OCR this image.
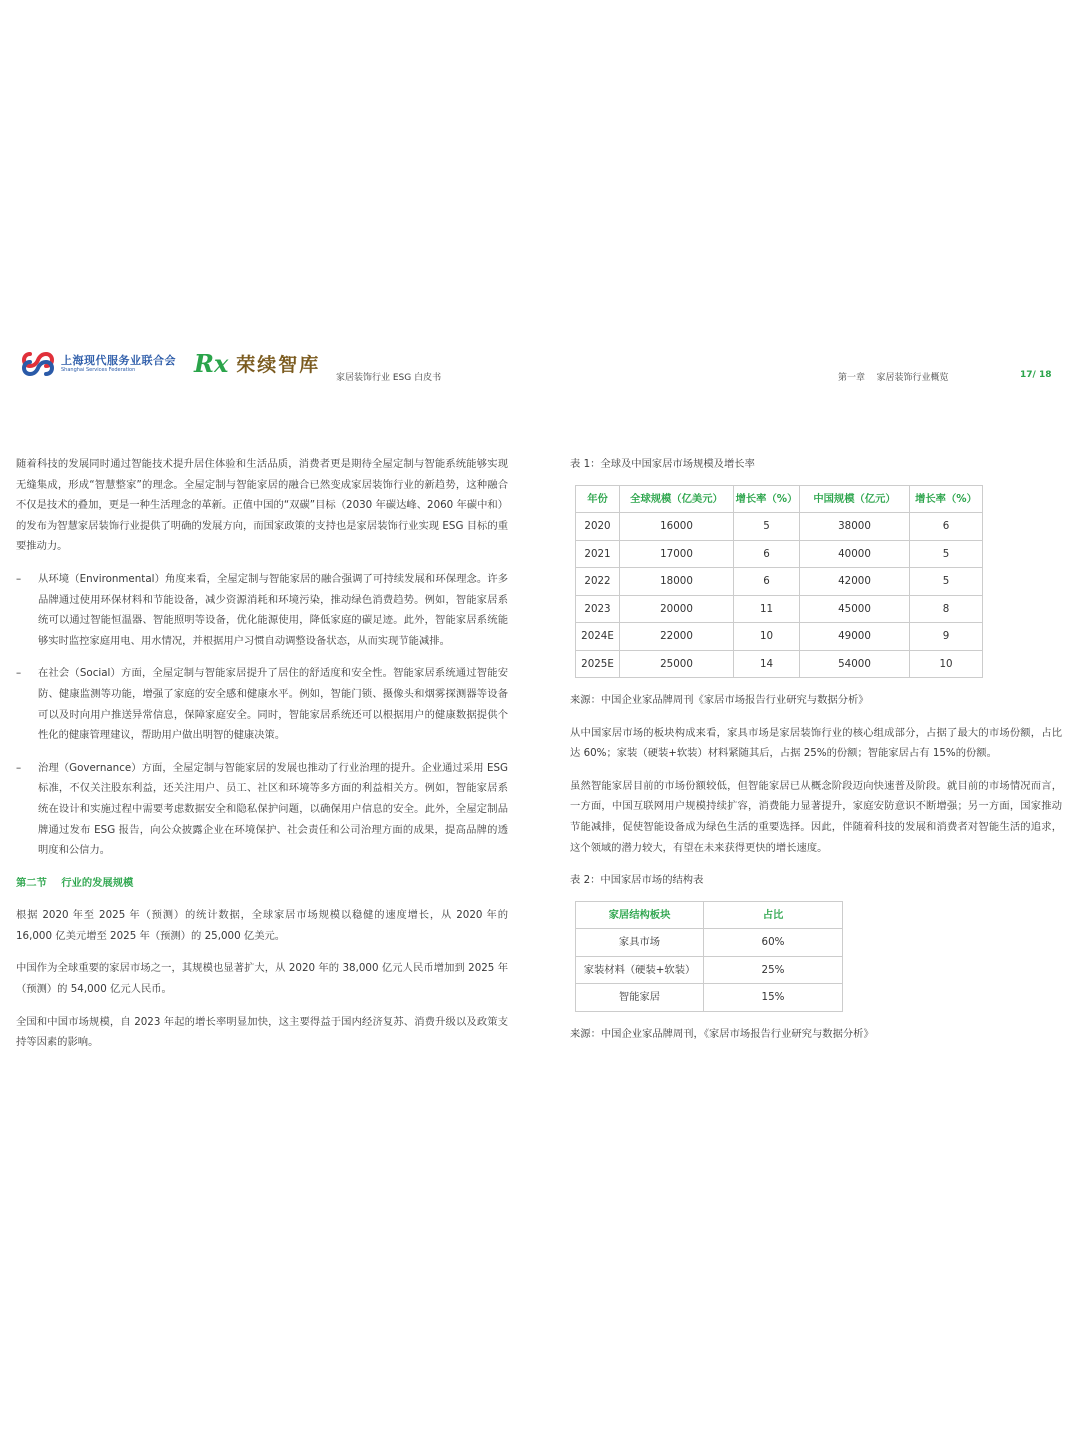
上海现代服务业联合会
Shanghai Services Federation	Rx 荣续智库
家居装饰行业 ESG 白皮书	第一章    家居装饰行业概览	17/ 18

随着科技的发展同时通过智能技术提升居住体验和生活品质，消费者更是期待全屋定制与智能系统能够实现无缝集成，形成“智慧整家”的理念。全屋定制与智能家居的融合已然变成家居装饰行业的新趋势，这种融合不仅是技术的叠加，更是一种生活理念的革新。正值中国的“双碳”目标（2030 年碳达峰、2060 年碳中和）的发布为智慧家居装饰行业提供了明确的发展方向，而国家政策的支持也是家居装饰行业实现 ESG 目标的重要推动力。

– 从环境（Environmental）角度来看，全屋定制与智能家居的融合强调了可持续发展和环保理念。许多品牌通过使用环保材料和节能设备，减少资源消耗和环境污染，推动绿色消费趋势。例如，智能家居系统可以通过智能恒温器、智能照明等设备，优化能源使用，降低家庭的碳足迹。此外，智能家居系统能够实时监控家庭用电、用水情况，并根据用户习惯自动调整设备状态，从而实现节能减排。

– 在社会（Social）方面，全屋定制与智能家居提升了居住的舒适度和安全性。智能家居系统通过智能安防、健康监测等功能，增强了家庭的安全感和健康水平。例如，智能门锁、摄像头和烟雾探测器等设备可以及时向用户推送异常信息，保障家庭安全。同时，智能家居系统还可以根据用户的健康数据提供个性化的健康管理建议，帮助用户做出明智的健康决策。

– 治理（Governance）方面，全屋定制与智能家居的发展也推动了行业治理的提升。企业通过采用 ESG 标准，不仅关注股东利益，还关注用户、员工、社区和环境等多方面的利益相关方。例如，智能家居系统在设计和实施过程中需要考虑数据安全和隐私保护问题，以确保用户信息的安全。此外，全屋定制品牌通过发布 ESG 报告，向公众披露企业在环境保护、社会责任和公司治理方面的成果，提高品牌的透明度和公信力。

第二节    行业的发展规模

根据 2020 年至 2025 年（预测）的统计数据，全球家居市场规模以稳健的速度增长，从 2020 年的 16,000 亿美元增至 2025 年（预测）的 25,000 亿美元。

中国作为全球重要的家居市场之一，其规模也显著扩大，从 2020 年的 38,000 亿元人民币增加到 2025 年（预测）的 54,000 亿元人民币。

全国和中国市场规模，自 2023 年起的增长率明显加快，这主要得益于国内经济复苏、消费升级以及政策支持等因素的影响。

表 1：全球及中国家居市场规模及增长率
年份	全球规模（亿美元）	增长率（%）	中国规模（亿元）	增长率（%）
2020	16000	5	38000	6
2021	17000	6	40000	5
2022	18000	6	42000	5
2023	20000	11	45000	8
2024E	22000	10	49000	9
2025E	25000	14	54000	10

来源：中国企业家品牌周刊《家居市场报告行业研究与数据分析》

从中国家居市场的板块构成来看，家具市场是家居装饰行业的核心组成部分，占据了最大的市场份额，占比达 60%；家装（硬装+软装）材料紧随其后，占据 25%的份额；智能家居占有 15%的份额。

虽然智能家居目前的市场份额较低，但智能家居已从概念阶段迈向快速普及阶段。就目前的市场情况而言，一方面，中国互联网用户规模持续扩容，消费能力显著提升，家庭安防意识不断增强；另一方面，国家推动节能减排，促使智能设备成为绿色生活的重要选择。因此，伴随着科技的发展和消费者对智能生活的追求，这个领域的潜力较大，有望在未来获得更快的增长速度。

表 2：中国家居市场的结构表
家居结构板块	占比
家具市场	60%
家装材料（硬装+软装）	25%
智能家居	15%

来源：中国企业家品牌周刊，《家居市场报告行业研究与数据分析》
